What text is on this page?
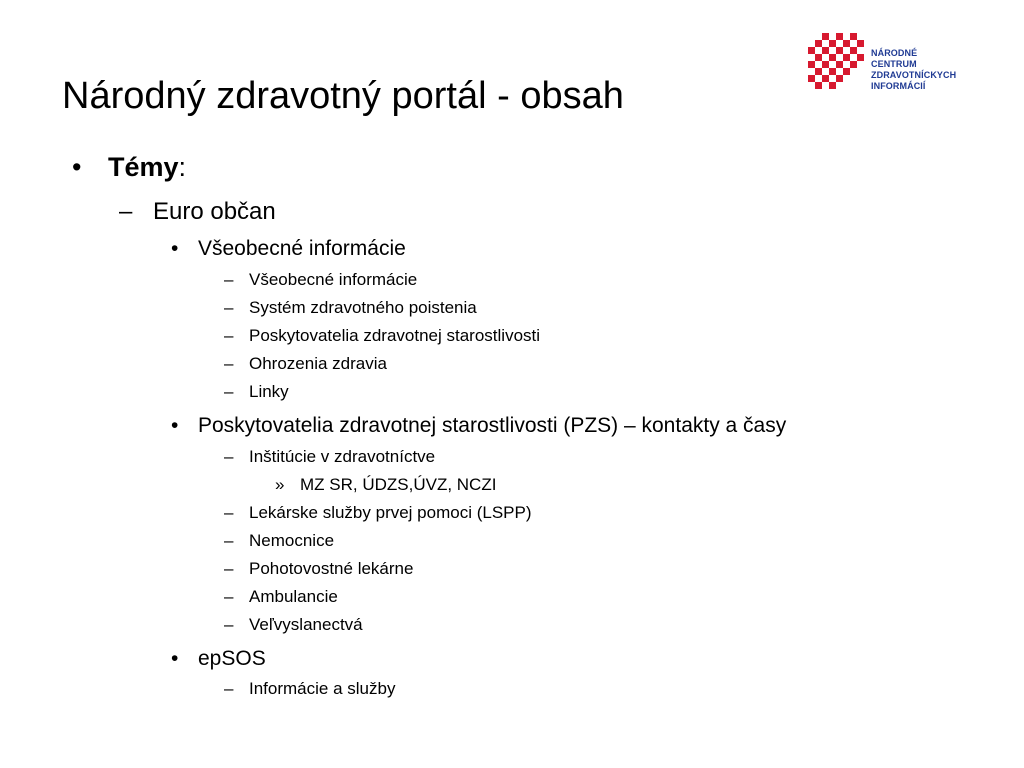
Národný zdravotný portál - obsah
NÁRODNÉ
CENTRUM
ZDRAVOTNÍCKYCH
INFORMÁCIÍ
• Témy:
– Euro občan
• Všeobecné informácie
– Všeobecné informácie
– Systém zdravotného poistenia
– Poskytovatelia zdravotnej starostlivosti
– Ohrozenia zdravia
– Linky
• Poskytovatelia zdravotnej starostlivosti (PZS) – kontakty a časy
– Inštitúcie v zdravotníctve
» MZ SR, ÚDZS,ÚVZ, NCZI
– Lekárske služby prvej pomoci (LSPP)
– Nemocnice
– Pohotovostné lekárne
– Ambulancie
– Veľvyslanectvá
• epSOS
– Informácie a služby
